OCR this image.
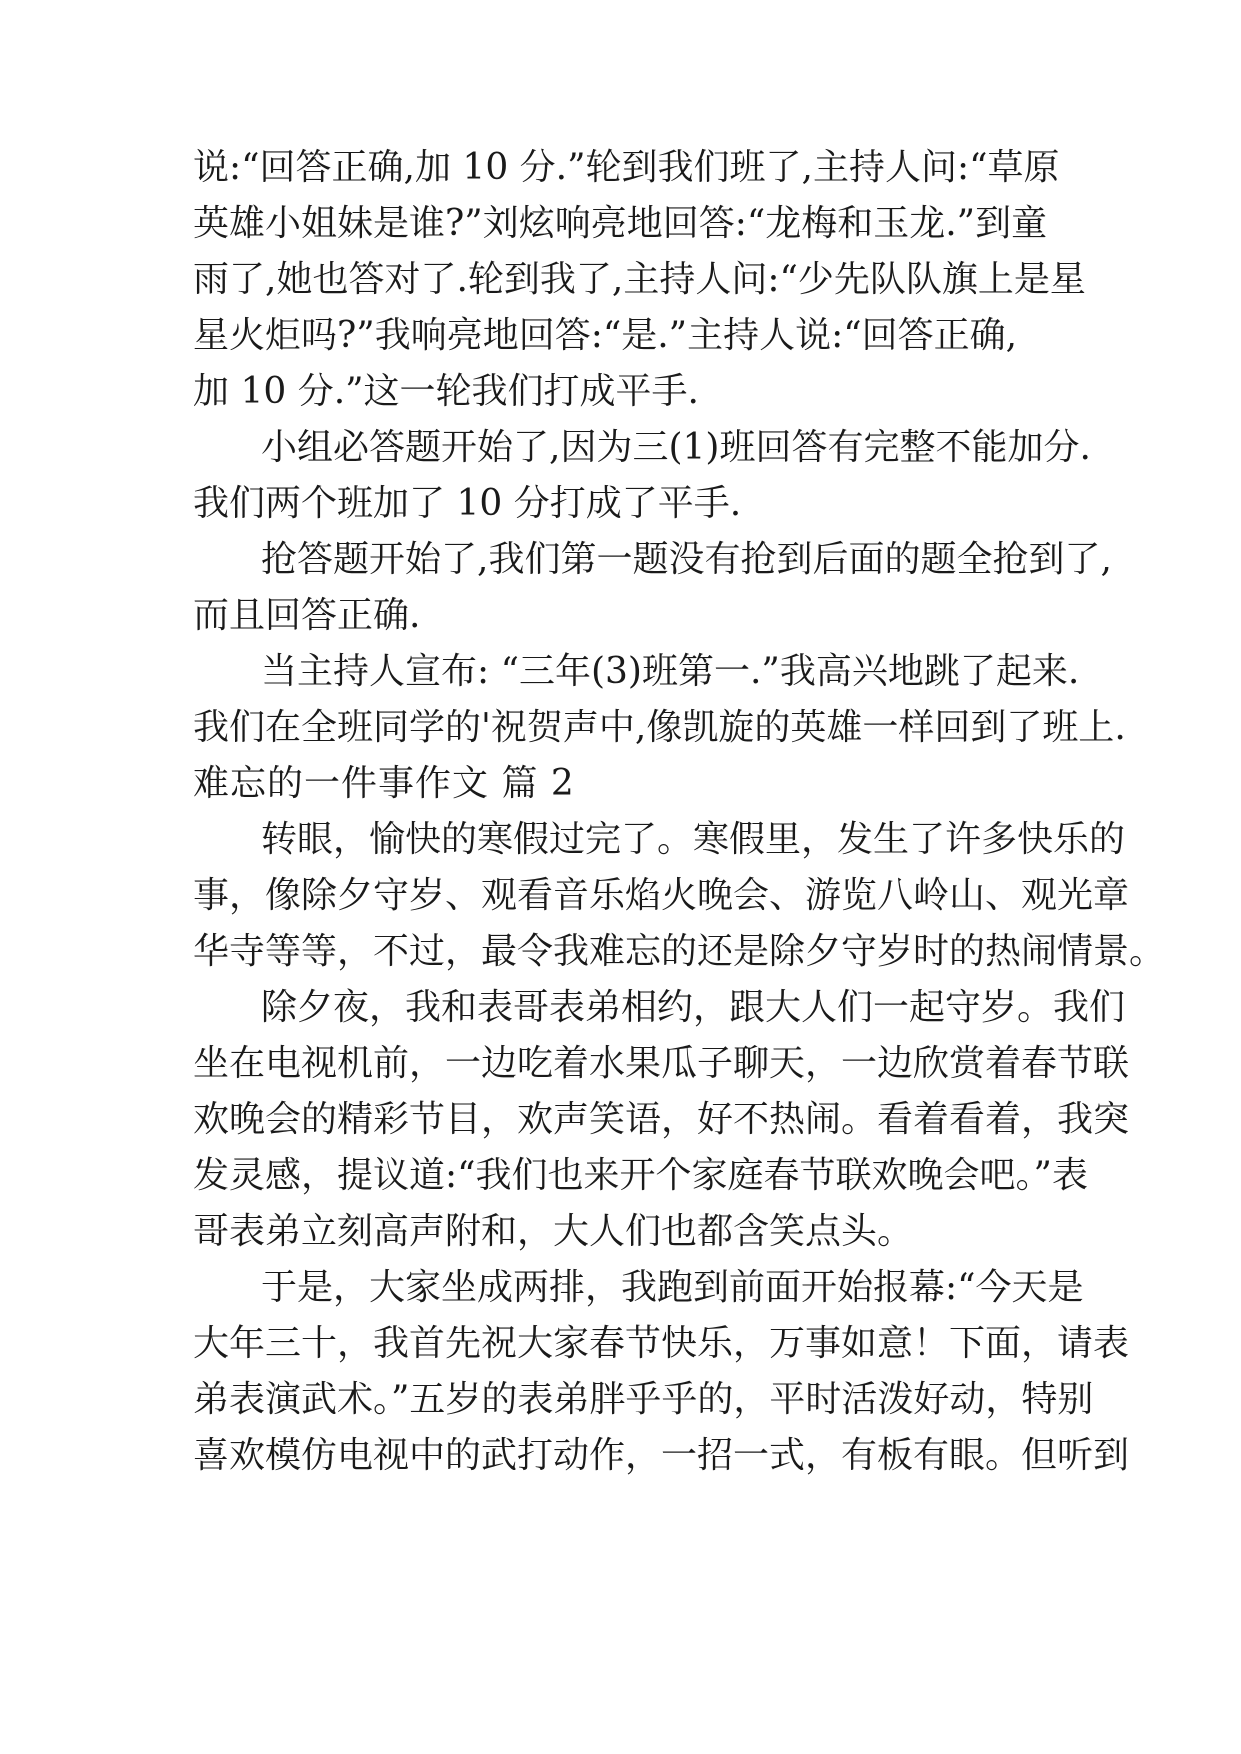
说:“回答正确,加 10 分.”轮到我们班了,主持人问:“草原
英雄小姐妹是谁?”刘炫响亮地回答:“龙梅和玉龙.”到童
雨了,她也答对了.轮到我了,主持人问:“少先队队旗上是星
星火炬吗?”我响亮地回答:“是.”主持人说:“回答正确,
加 10 分.”这一轮我们打成平手.
小组必答题开始了,因为三(1)班回答有完整不能加分.
我们两个班加了 10 分打成了平手.
抢答题开始了,我们第一题没有抢到后面的题全抢到了,
而且回答正确.
当主持人宣布: “三年(3)班第一.”我高兴地跳了起来.
我们在全班同学的'祝贺声中,像凯旋的英雄一样回到了班上.
难忘的一件事作文 篇 2
转眼，愉快的寒假过完了。寒假里，发生了许多快乐的
事，像除夕守岁、观看音乐焰火晚会、游览八岭山、观光章
华寺等等，不过，最令我难忘的还是除夕守岁时的热闹情景。
除夕夜，我和表哥表弟相约，跟大人们一起守岁。我们
坐在电视机前，一边吃着水果瓜子聊天，一边欣赏着春节联
欢晚会的精彩节目，欢声笑语，好不热闹。看着看着，我突
发灵感，提议道:“我们也来开个家庭春节联欢晚会吧。”表
哥表弟立刻高声附和，大人们也都含笑点头。
于是，大家坐成两排，我跑到前面开始报幕:“今天是
大年三十，我首先祝大家春节快乐，万事如意！下面，请表
弟表演武术。”五岁的表弟胖乎乎的，平时活泼好动，特别
喜欢模仿电视中的武打动作，一招一式，有板有眼。但听到
